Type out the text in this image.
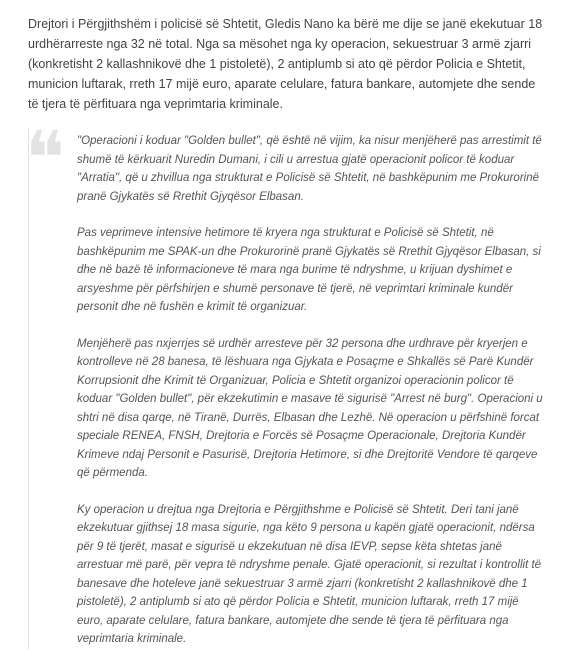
Drejtori i Përgjithshëm i policisë së Shtetit, Gledis Nano ka bërë me dije se janë ekekutuar 18 urdhërarreste nga 32 në total. Nga sa mësohet nga ky operacion, sekuestruar 3 armë zjarri (konkretisht 2 kallashnikovë dhe 1 pistoletë), 2 antiplumb si ato që përdor Policia e Shtetit, municion luftarak, rreth 17 mijë euro, aparate celulare, fatura bankare, automjete dhe sende të tjera të përfituara nga veprimtaria kriminale.

❝ "Operacioni i koduar "Golden bullet", që është në vijim, ka nisur menjëherë pas arrestimit të shumë të kërkuarit Nuredin Dumani, i cili u arrestua gjatë operacionit policor të koduar "Arratia", që u zhvillua nga strukturat e Policisë së Shtetit, në bashkëpunim me Prokurorinë pranë Gjykatës së Rrethit Gjyqësor Elbasan.

Pas veprimeve intensive hetimore të kryera nga strukturat e Policisë së Shtetit, në bashkëpunim me SPAK-un dhe Prokurorinë pranë Gjykatës së Rrethit Gjyqësor Elbasan, si dhe në bazë të informacioneve të mara nga burime të ndryshme, u krijuan dyshimet e arsyeshme për përfshirjen e shumë personave të tjerë, në veprimtari kriminale kundër personit dhe në fushën e krimit të organizuar.

Menjëherë pas nxjerrjes së urdhër arresteve për 32 persona dhe urdhrave për kryerjen e kontrolleve në 28 banesa, të lëshuara nga Gjykata e Posaçme e Shkallës së Parë Kundër Korrupsionit dhe Krimit të Organizuar, Policia e Shtetit organizoi operacionin policor të koduar "Golden bullet", për ekzekutimin e masave të sigurisë "Arrest në burg". Operacioni u shtri në disa qarqe, në Tiranë, Durrës, Elbasan dhe Lezhë. Në operacion u përfshinë forcat speciale RENEA, FNSH, Drejtoria e Forcës së Posaçme Operacionale, Drejtoria Kundër Krimeve ndaj Personit e Pasurisë, Drejtoria Hetimore, si dhe Drejtoritë Vendore të qarqeve që përmenda.

Ky operacion u drejtua nga Drejtoria e Përgjithshme e Policisë së Shtetit. Deri tani janë ekzekutuar gjithsej 18 masa sigurie, nga këto 9 persona u kapën gjatë operacionit, ndërsa për 9 të tjerët, masat e sigurisë u ekzekutuan në disa IEVP, sepse këta shtetas janë arrestuar më parë, për vepra të ndryshme penale. Gjatë operacionit, si rezultat i kontrollit të banesave dhe hoteleve janë sekuestruar 3 armë zjarri (konkretisht 2 kallashnikovë dhe 1 pistoletë), 2 antiplumb si ato që përdor Policia e Shtetit, municion luftarak, rreth 17 mijë euro, aparate celulare, fatura bankare, automjete dhe sende të tjera të përfituara nga veprimtaria kriminale.
